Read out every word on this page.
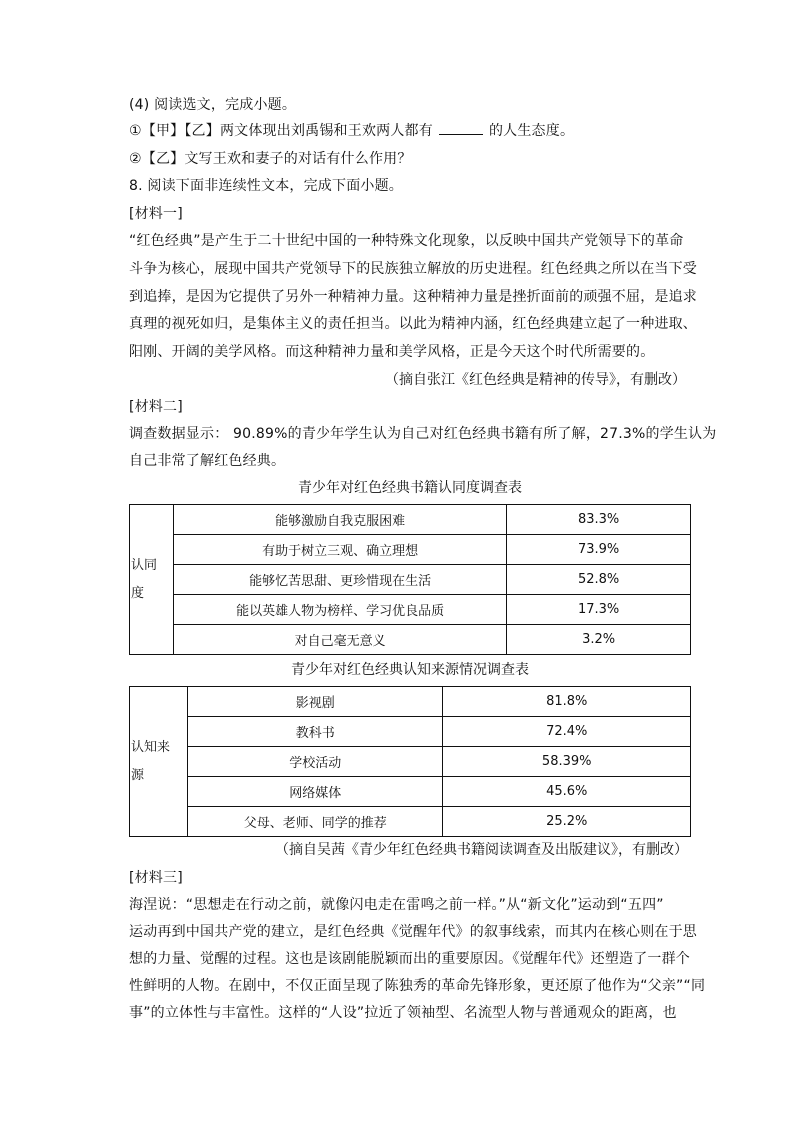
(4) 阅读选文，完成小题。
①【甲】【乙】两文体现出刘禹锡和王欢两人都有	的人生态度。
②【乙】文写王欢和妻子的对话有什么作用？
8. 阅读下面非连续性文本，完成下面小题。
[材料一]
“红色经典”是产生于二十世纪中国的一种特殊文化现象，以反映中国共产党领导下的革命
斗争为核心，展现中国共产党领导下的民族独立解放的历史进程。红色经典之所以在当下受
到追捧，是因为它提供了另外一种精神力量。这种精神力量是挫折面前的顽强不屈，是追求
真理的视死如归，是集体主义的责任担当。以此为精神内涵，红色经典建立起了一种进取、
阳刚、开阔的美学风格。而这种精神力量和美学风格，正是今天这个时代所需要的。
（摘自张江《红色经典是精神的传导》，有删改）
[材料二]
调查数据显示： 90.89%的青少年学生认为自己对红色经典书籍有所了解，27.3%的学生认为
自己非常了解红色经典。
青少年对红色经典书籍认同度调查表
认同度	能够激励自我克服困难	83.3%
	有助于树立三观、确立理想	73.9%
	能够忆苦思甜、更珍惜现在生活	52.8%
	能以英雄人物为榜样、学习优良品质	17.3%
	对自己毫无意义	3.2%
青少年对红色经典认知来源情况调查表
认知来源	影视剧	81.8%
	教科书	72.4%
	学校活动	58.39%
	网络媒体	45.6%
	父母、老师、同学的推荐	25.2%
（摘自吴茜《青少年红色经典书籍阅读调查及出版建议》，有删改）
[材料三]
海涅说：“思想走在行动之前，就像闪电走在雷鸣之前一样。”从“新文化”运动到“五四”
运动再到中国共产党的建立，是红色经典《觉醒年代》的叙事线索，而其内在核心则在于思
想的力量、觉醒的过程。这也是该剧能脱颖而出的重要原因。《觉醒年代》还塑造了一群个
性鲜明的人物。在剧中，不仅正面呈现了陈独秀的革命先锋形象，更还原了他作为“父亲”“同
事”的立体性与丰富性。这样的“人设”拉近了领袖型、名流型人物与普通观众的距离，也
